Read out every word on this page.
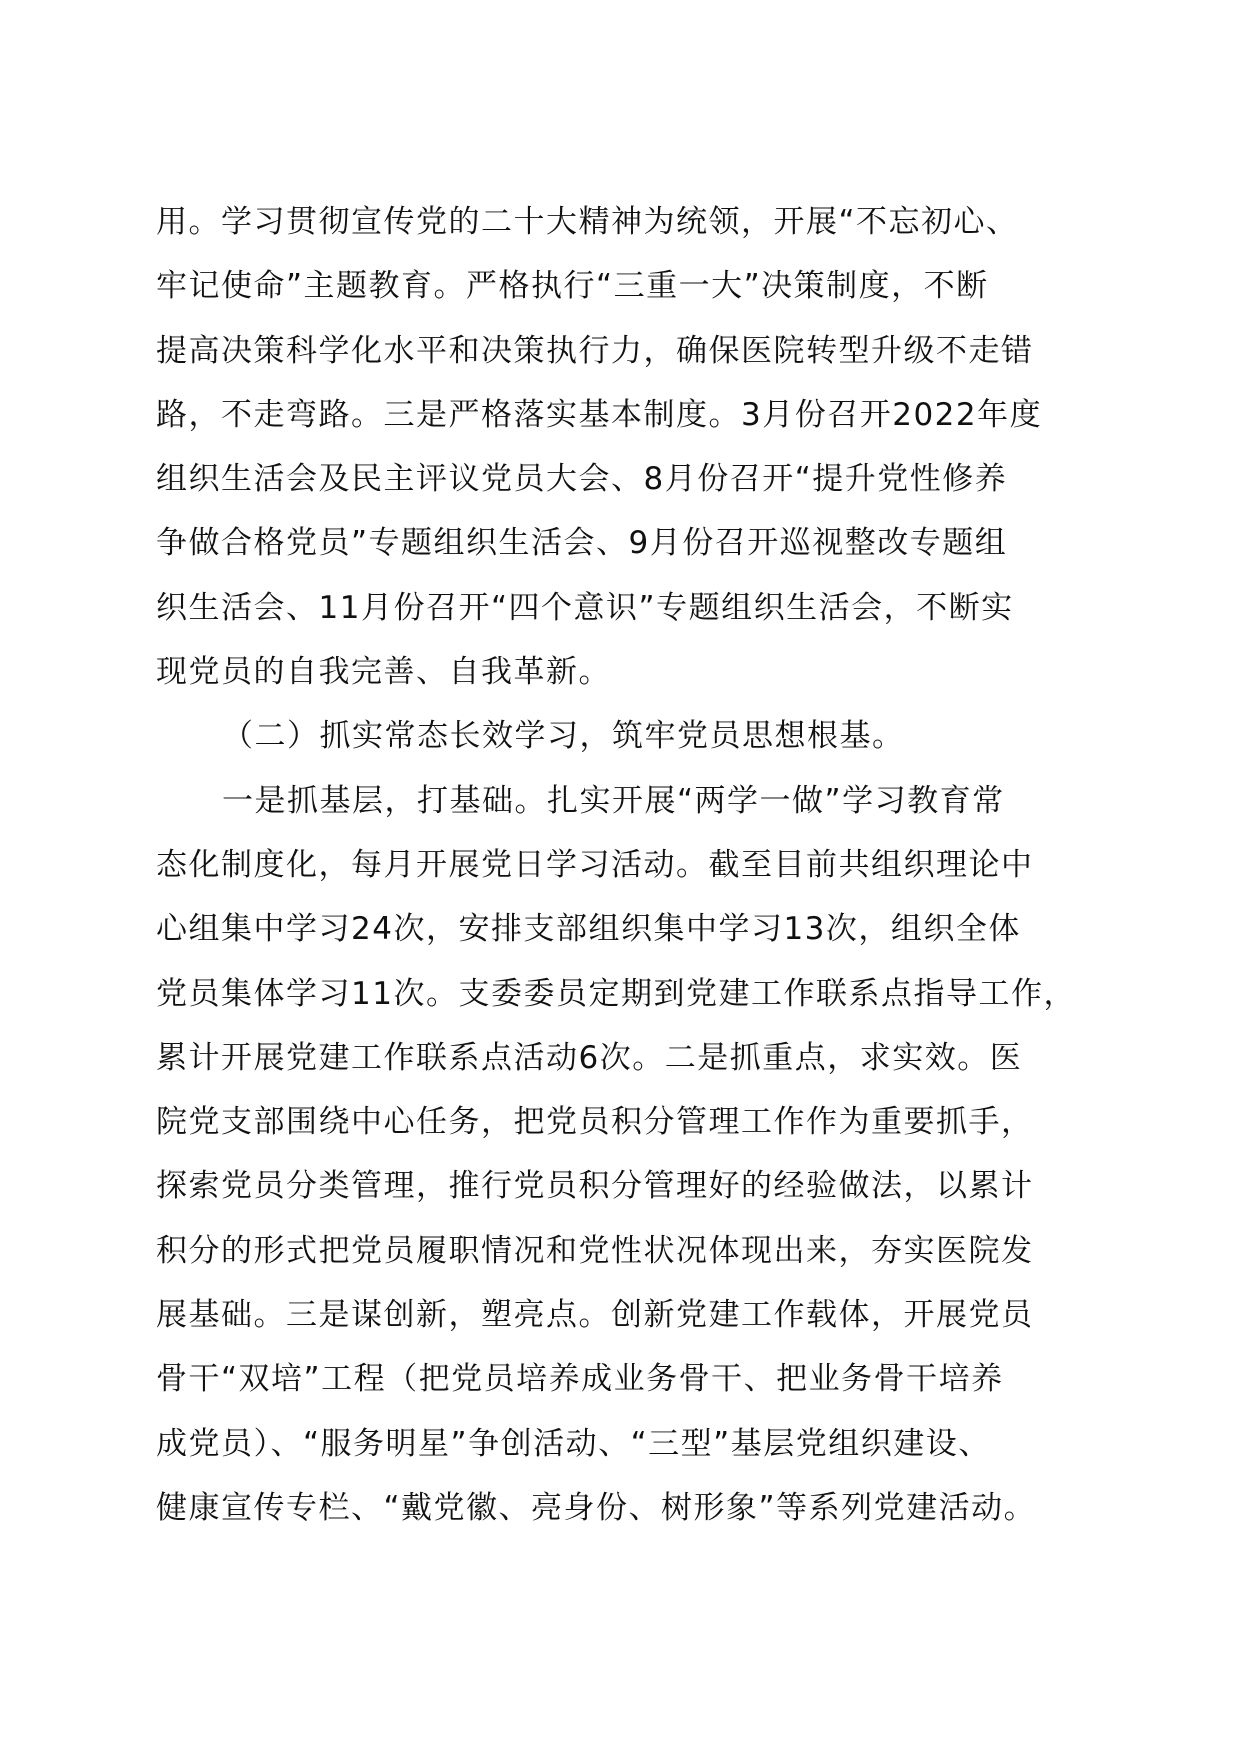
用。学习贯彻宣传党的二十大精神为统领，开展“不忘初心、
牢记使命”主题教育。严格执行“三重一大”决策制度，不断
提高决策科学化水平和决策执行力，确保医院转型升级不走错
路，不走弯路。三是严格落实基本制度。3月份召开2022年度
组织生活会及民主评议党员大会、8月份召开“提升党性修养
争做合格党员”专题组织生活会、9月份召开巡视整改专题组
织生活会、11月份召开“四个意识”专题组织生活会，不断实
现党员的自我完善、自我革新。
（二）抓实常态长效学习，筑牢党员思想根基。
一是抓基层，打基础。扎实开展“两学一做”学习教育常
态化制度化，每月开展党日学习活动。截至目前共组织理论中
心组集中学习24次，安排支部组织集中学习13次，组织全体
党员集体学习11次。支委委员定期到党建工作联系点指导工作，
累计开展党建工作联系点活动6次。二是抓重点，求实效。医
院党支部围绕中心任务，把党员积分管理工作作为重要抓手，
探索党员分类管理，推行党员积分管理好的经验做法，以累计
积分的形式把党员履职情况和党性状况体现出来，夯实医院发
展基础。三是谋创新，塑亮点。创新党建工作载体，开展党员
骨干“双培”工程（把党员培养成业务骨干、把业务骨干培养
成党员）、“服务明星”争创活动、“三型”基层党组织建设、
健康宣传专栏、“戴党徽、亮身份、树形象”等系列党建活动。
